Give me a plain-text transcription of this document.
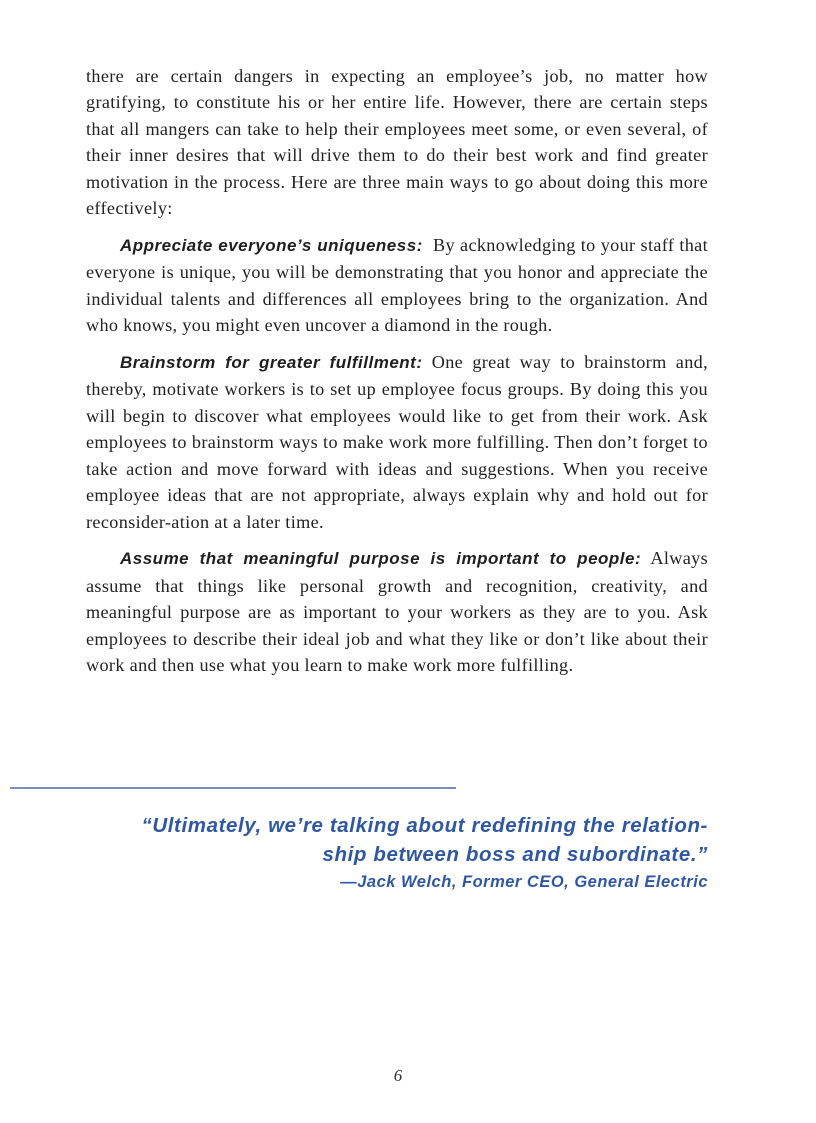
there are certain dangers in expecting an employee’s job, no matter how gratifying, to constitute his or her entire life. However, there are certain steps that all mangers can take to help their employees meet some, or even several, of their inner desires that will drive them to do their best work and find greater motivation in the process. Here are three main ways to go about doing this more effectively:

Appreciate everyone’s uniqueness: By acknowledging to your staff that everyone is unique, you will be demonstrating that you honor and appreciate the individual talents and differences all employees bring to the organization. And who knows, you might even uncover a diamond in the rough.

Brainstorm for greater fulfillment: One great way to brainstorm and, thereby, motivate workers is to set up employee focus groups. By doing this you will begin to discover what employees would like to get from their work. Ask employees to brainstorm ways to make work more fulfilling. Then don’t forget to take action and move forward with ideas and suggestions. When you receive employee ideas that are not appropriate, always explain why and hold out for reconsider-ation at a later time.

Assume that meaningful purpose is important to people: Always assume that things like personal growth and recognition, creativity, and meaningful purpose are as important to your workers as they are to you. Ask employees to describe their ideal job and what they like or don’t like about their work and then use what you learn to make work more fulfilling.

“Ultimately, we’re talking about redefining the relation-
ship between boss and subordinate.”
—Jack Welch, Former CEO, General Electric
6
